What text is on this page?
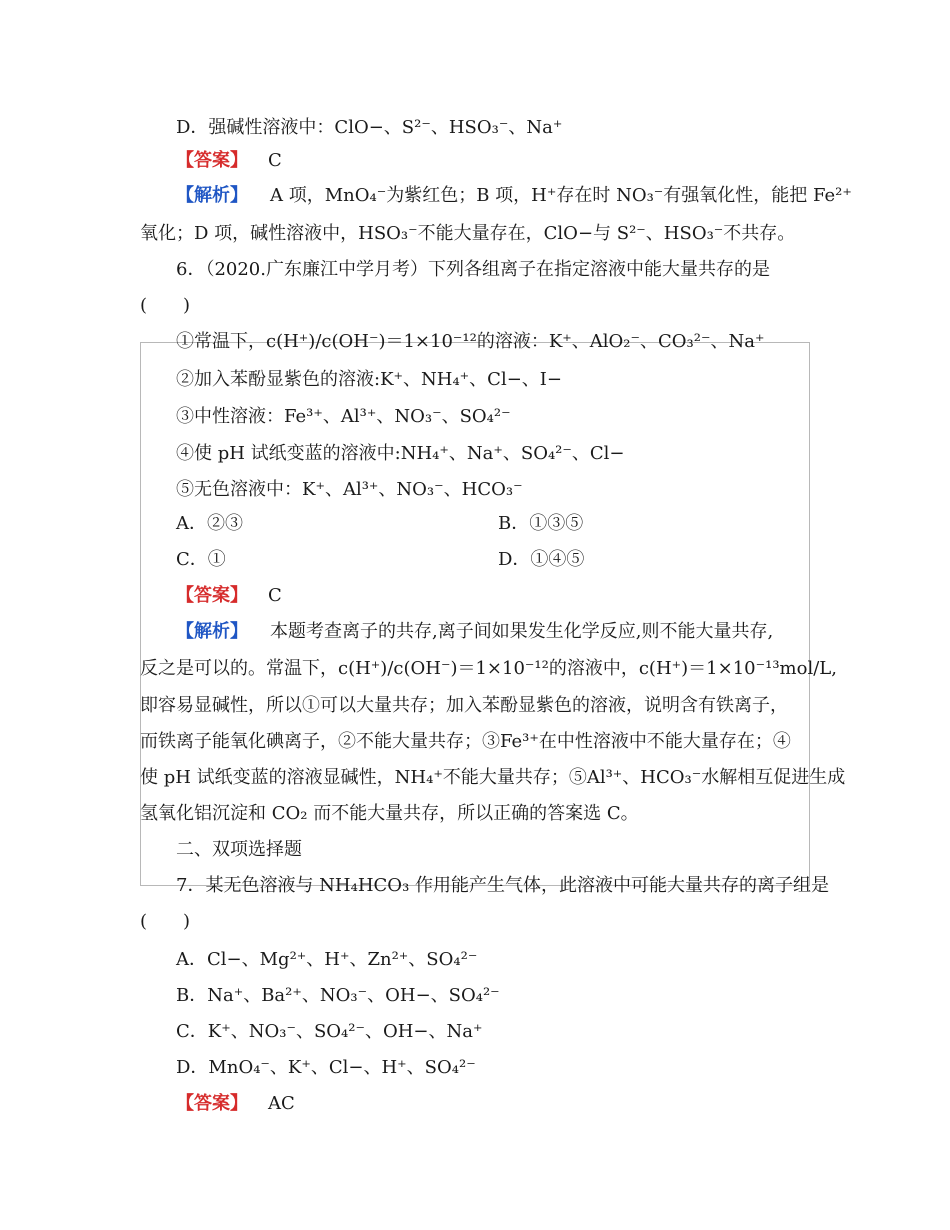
D．强碱性溶液中：ClO−、S²⁻、HSO₃⁻、Na⁺
【答案】 C
【解析】 A 项，MnO₄⁻为紫红色；B 项，H⁺存在时 NO₃⁻有强氧化性，能把 Fe²⁺
氧化；D 项，碱性溶液中，HSO₃⁻不能大量存在，ClO−与 S²⁻、HSO₃⁻不共存。
6．（2020.广东廉江中学月考）下列各组离子在指定溶液中能大量共存的是
(　　)
①常温下，c(H⁺)/c(OH⁻)＝1×10⁻¹²的溶液：K⁺、AlO₂⁻、CO₃²⁻、Na⁺
②加入苯酚显紫色的溶液:K⁺、NH₄⁺、Cl−、I−
③中性溶液：Fe³⁺、Al³⁺、NO₃⁻、SO₄²⁻
④使 pH 试纸变蓝的溶液中:NH₄⁺、Na⁺、SO₄²⁻、Cl−
⑤无色溶液中：K⁺、Al³⁺、NO₃⁻、HCO₃⁻
A．②③	B．①③⑤
C．①	D．①④⑤
【答案】 C
【解析】 本题考查离子的共存,离子间如果发生化学反应,则不能大量共存,
反之是可以的。常温下，c(H⁺)/c(OH⁻)＝1×10⁻¹²的溶液中，c(H⁺)＝1×10⁻¹³mol/L,
即容易显碱性，所以①可以大量共存；加入苯酚显紫色的溶液，说明含有铁离子，
而铁离子能氧化碘离子，②不能大量共存；③Fe³⁺在中性溶液中不能大量存在；④
使 pH 试纸变蓝的溶液显碱性，NH₄⁺不能大量共存；⑤Al³⁺、HCO₃⁻水解相互促进生成
氢氧化铝沉淀和 CO₂ 而不能大量共存，所以正确的答案选 C。
二、双项选择题
7．某无色溶液与 NH₄HCO₃ 作用能产生气体，此溶液中可能大量共存的离子组是
(　　)
A．Cl−、Mg²⁺、H⁺、Zn²⁺、SO₄²⁻
B．Na⁺、Ba²⁺、NO₃⁻、OH−、SO₄²⁻
C．K⁺、NO₃⁻、SO₄²⁻、OH−、Na⁺
D．MnO₄⁻、K⁺、Cl−、H⁺、SO₄²⁻
【答案】 AC
